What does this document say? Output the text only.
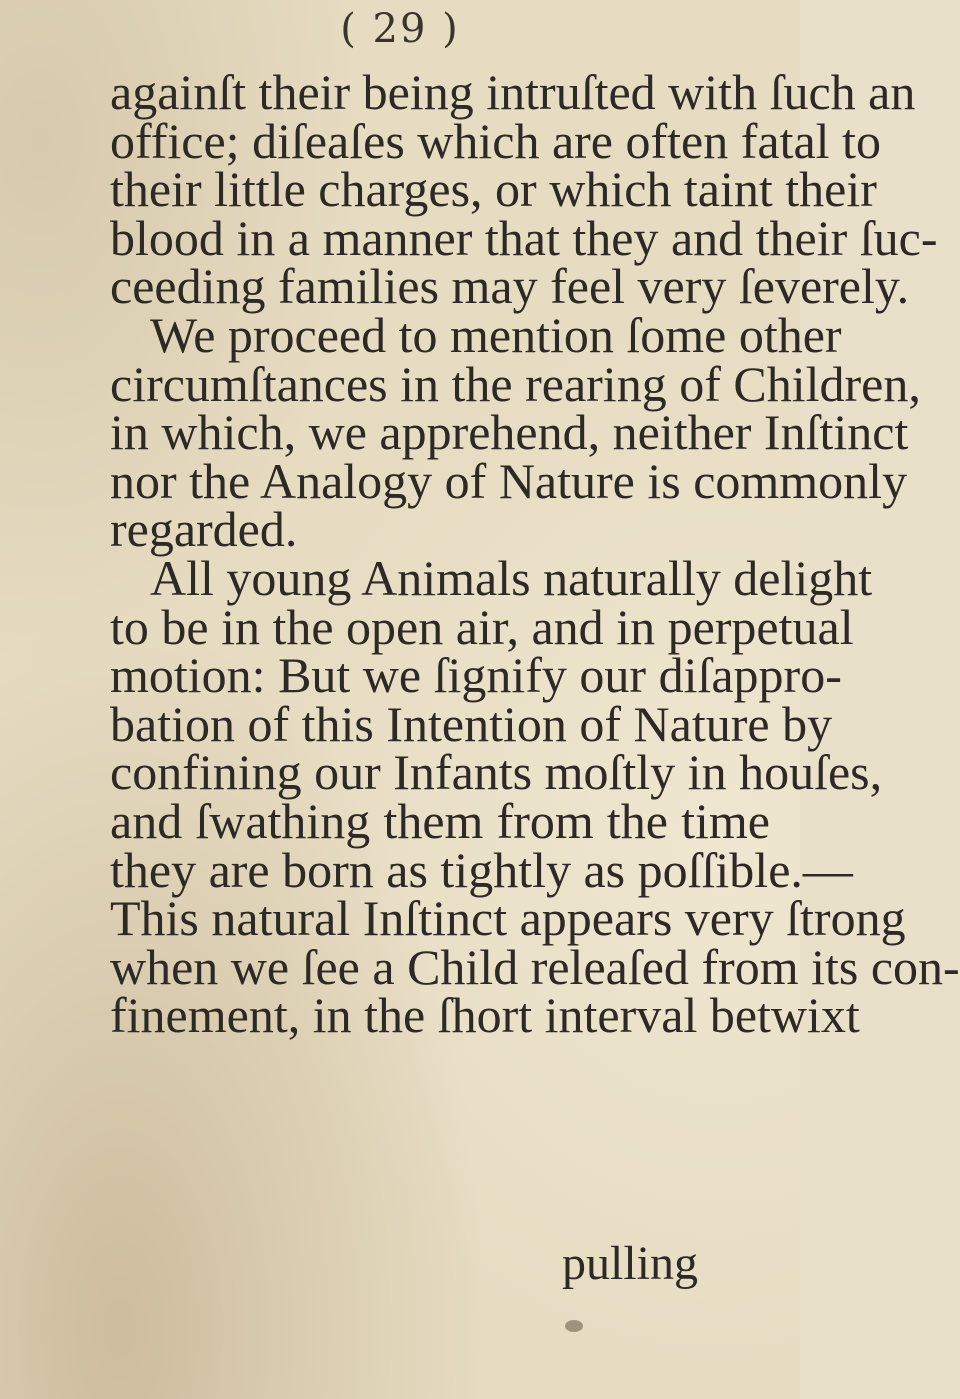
( 29 )
againſt their being intruſted with ſuch an
office; diſeaſes which are often fatal to
their little charges, or which taint their
blood in a manner that they and their ſuc-
ceeding families may feel very ſeverely.
We proceed to mention ſome other
circumſtances in the rearing of Children,
in which, we apprehend, neither Inſtinct
nor the Analogy of Nature is commonly
regarded.
All young Animals naturally delight
to be in the open air, and in perpetual
motion: But we ſignify our diſappro-
bation of this Intention of Nature by
confining our Infants moſtly in houſes,
and ſwathing them from the time
they are born as tightly as poſſible.—
This natural Inſtinct appears very ſtrong
when we ſee a Child releaſed from its con-
finement, in the ſhort interval betwixt
pulling
